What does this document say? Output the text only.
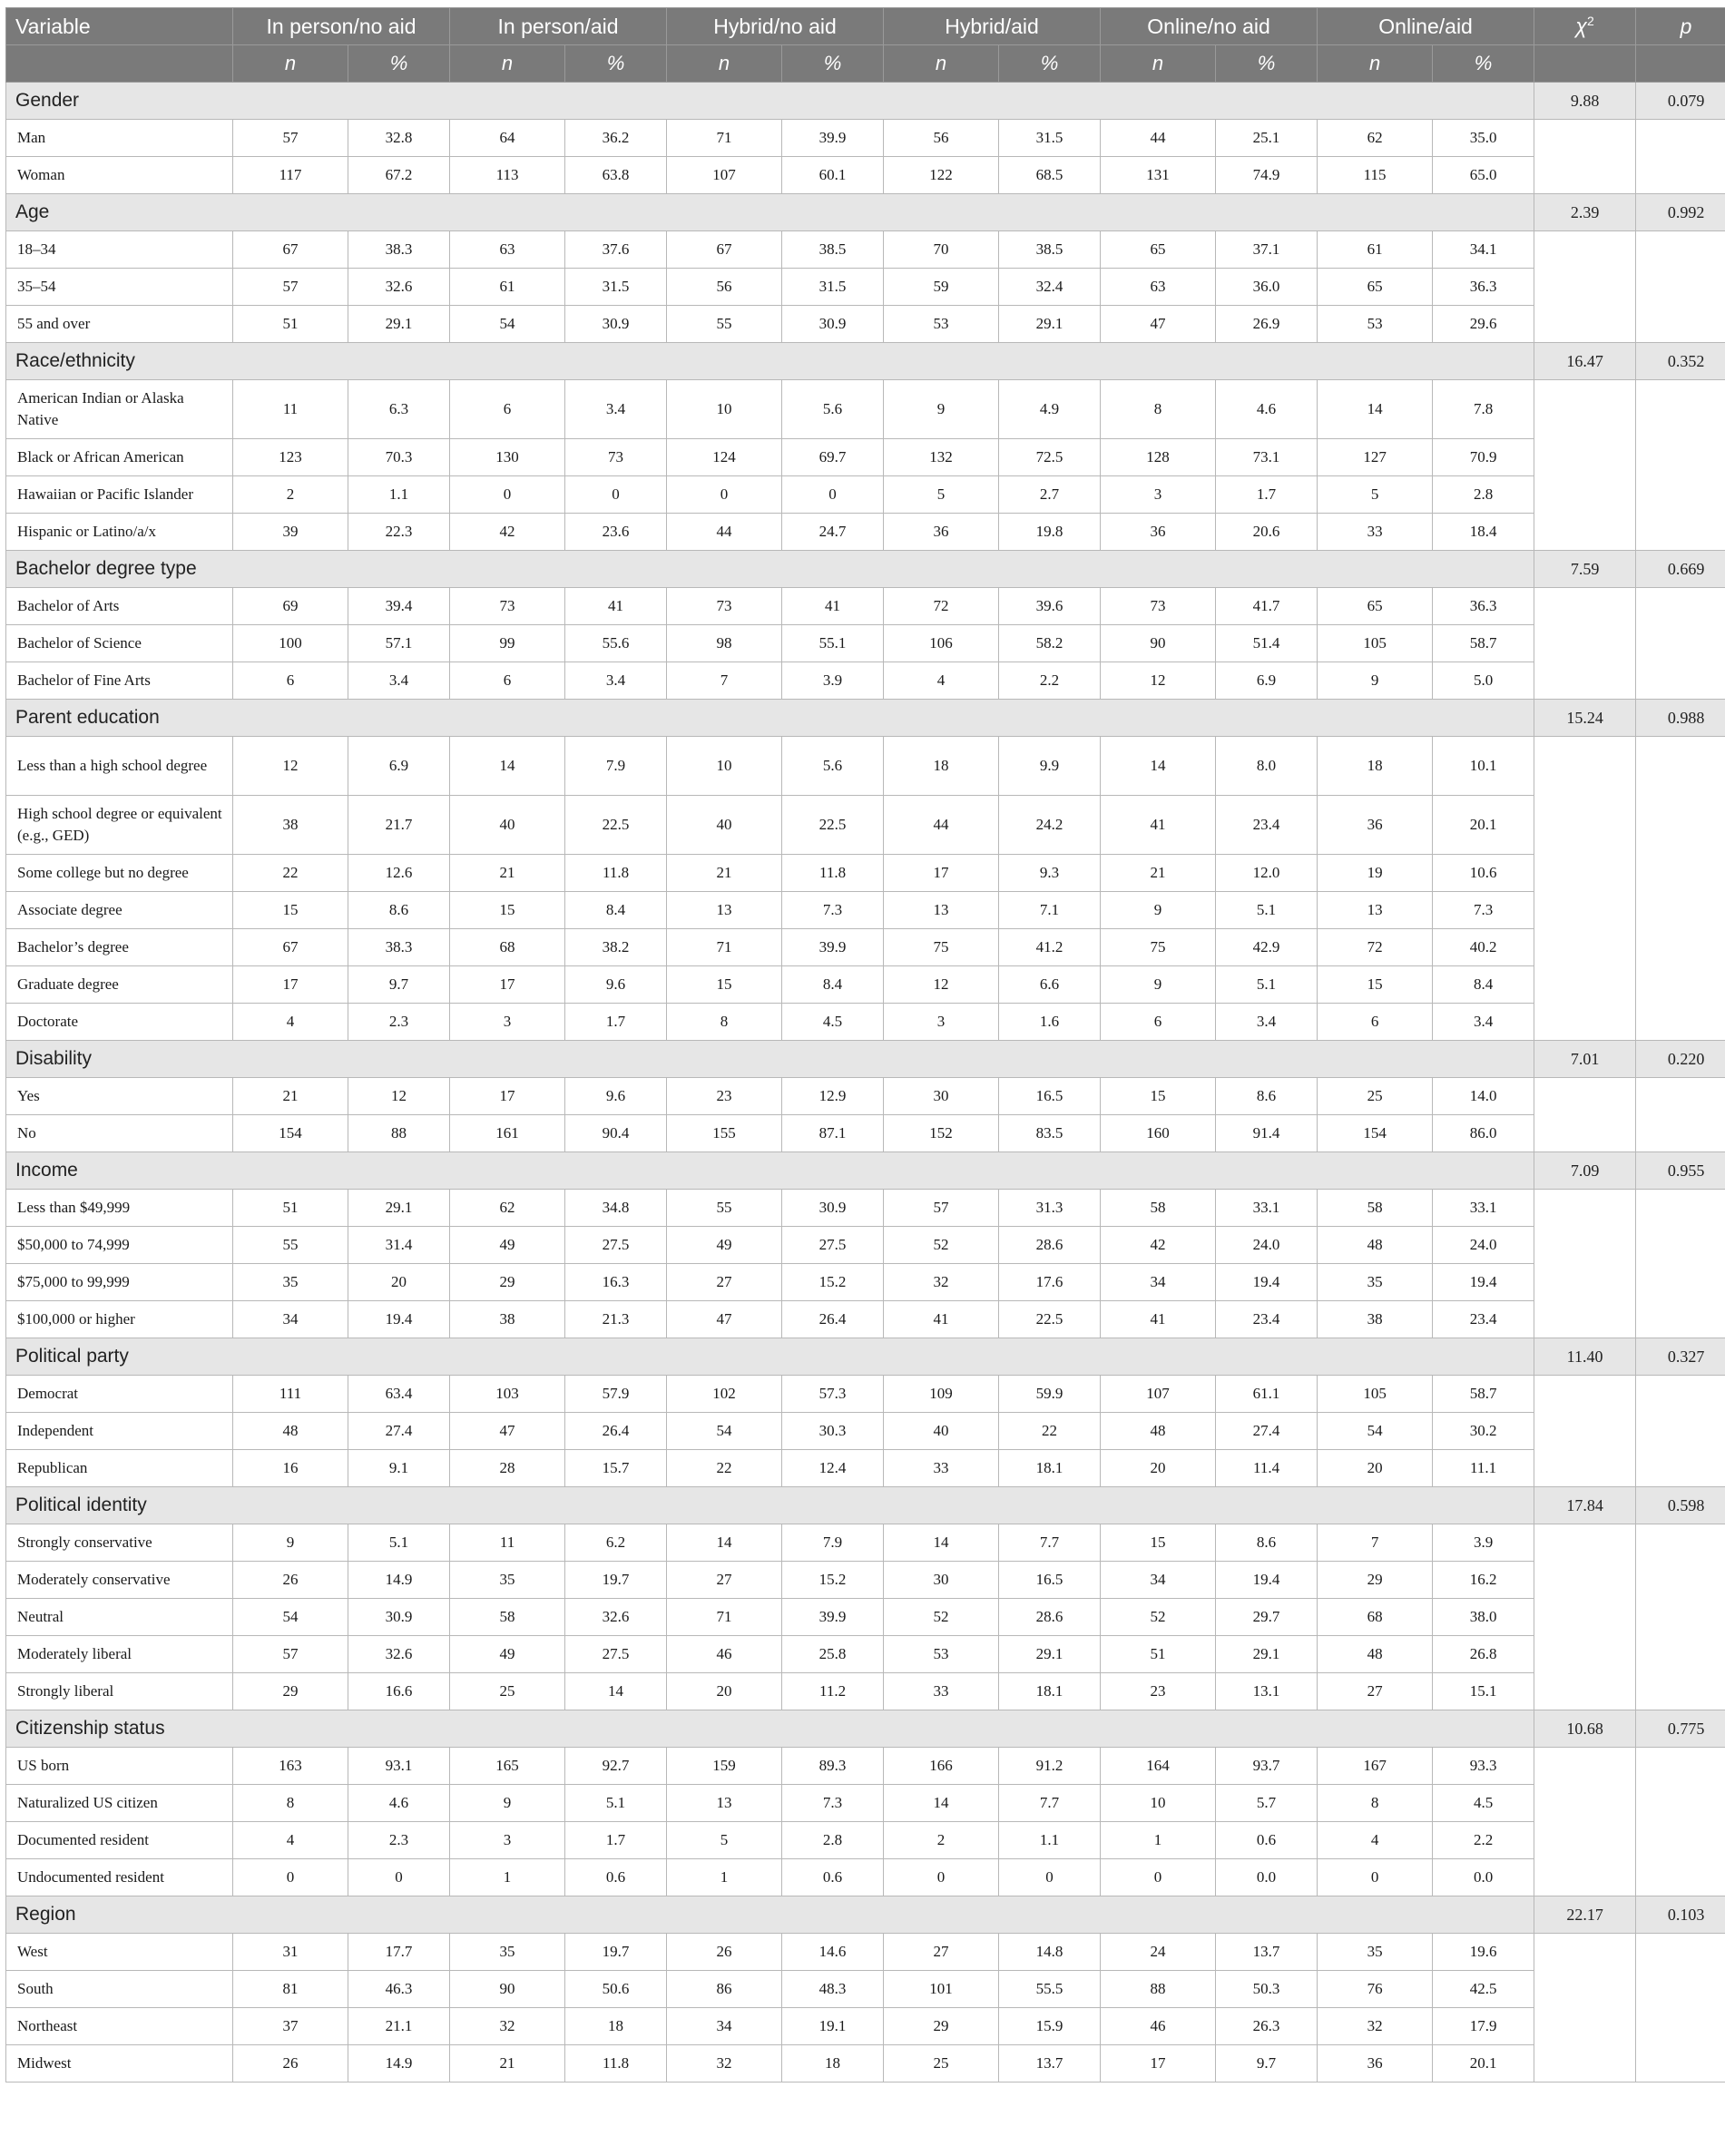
Variable	In person/no aid		In person/aid		Hybrid/no aid		Hybrid/aid		Online/no aid		Online/aid		$\chi^2$	p
	n	%	n	%	n	%	n	%	n	%	n	%		
Gender													9.88	0.079
Man	57	32.8	64	36.2	71	39.9	56	31.5	44	25.1	62	35.0		
Woman	117	67.2	113	63.8	107	60.1	122	68.5	131	74.9	115	65.0		
Age													2.39	0.992
18–34	67	38.3	63	37.6	67	38.5	70	38.5	65	37.1	61	34.1		
35–54	57	32.6	61	31.5	56	31.5	59	32.4	63	36.0	65	36.3		
55 and over	51	29.1	54	30.9	55	30.9	53	29.1	47	26.9	53	29.6		
Race/ethnicity													16.47	0.352
American Indian or Alaska Native	11	6.3	6	3.4	10	5.6	9	4.9	8	4.6	14	7.8		
Black or African American	123	70.3	130	73	124	69.7	132	72.5	128	73.1	127	70.9		
Hawaiian or Pacific Islander	2	1.1	0	0	0	0	5	2.7	3	1.7	5	2.8		
Hispanic or Latino/a/x	39	22.3	42	23.6	44	24.7	36	19.8	36	20.6	33	18.4		
Bachelor degree type													7.59	0.669
Bachelor of Arts	69	39.4	73	41	73	41	72	39.6	73	41.7	65	36.3		
Bachelor of Science	100	57.1	99	55.6	98	55.1	106	58.2	90	51.4	105	58.7		
Bachelor of Fine Arts	6	3.4	6	3.4	7	3.9	4	2.2	12	6.9	9	5.0		
Parent education													15.24	0.988
Less than a high school degree	12	6.9	14	7.9	10	5.6	18	9.9	14	8.0	18	10.1		
High school degree or equivalent (e.g., GED)	38	21.7	40	22.5	40	22.5	44	24.2	41	23.4	36	20.1		
Some college but no degree	22	12.6	21	11.8	21	11.8	17	9.3	21	12.0	19	10.6		
Associate degree	15	8.6	15	8.4	13	7.3	13	7.1	9	5.1	13	7.3		
Bachelor’s degree	67	38.3	68	38.2	71	39.9	75	41.2	75	42.9	72	40.2		
Graduate degree	17	9.7	17	9.6	15	8.4	12	6.6	9	5.1	15	8.4		
Doctorate	4	2.3	3	1.7	8	4.5	3	1.6	6	3.4	6	3.4		
Disability													7.01	0.220
Yes	21	12	17	9.6	23	12.9	30	16.5	15	8.6	25	14.0		
No	154	88	161	90.4	155	87.1	152	83.5	160	91.4	154	86.0		
Income													7.09	0.955
Less than $49,999	51	29.1	62	34.8	55	30.9	57	31.3	58	33.1	58	33.1		
$50,000 to 74,999	55	31.4	49	27.5	49	27.5	52	28.6	42	24.0	48	24.0		
$75,000 to 99,999	35	20	29	16.3	27	15.2	32	17.6	34	19.4	35	19.4		
$100,000 or higher	34	19.4	38	21.3	47	26.4	41	22.5	41	23.4	38	23.4		
Political party													11.40	0.327
Democrat	111	63.4	103	57.9	102	57.3	109	59.9	107	61.1	105	58.7		
Independent	48	27.4	47	26.4	54	30.3	40	22	48	27.4	54	30.2		
Republican	16	9.1	28	15.7	22	12.4	33	18.1	20	11.4	20	11.1		
Political identity													17.84	0.598
Strongly conservative	9	5.1	11	6.2	14	7.9	14	7.7	15	8.6	7	3.9		
Moderately conservative	26	14.9	35	19.7	27	15.2	30	16.5	34	19.4	29	16.2		
Neutral	54	30.9	58	32.6	71	39.9	52	28.6	52	29.7	68	38.0		
Moderately liberal	57	32.6	49	27.5	46	25.8	53	29.1	51	29.1	48	26.8		
Strongly liberal	29	16.6	25	14	20	11.2	33	18.1	23	13.1	27	15.1		
Citizenship status													10.68	0.775
US born	163	93.1	165	92.7	159	89.3	166	91.2	164	93.7	167	93.3		
Naturalized US citizen	8	4.6	9	5.1	13	7.3	14	7.7	10	5.7	8	4.5		
Documented resident	4	2.3	3	1.7	5	2.8	2	1.1	1	0.6	4	2.2		
Undocumented resident	0	0	1	0.6	1	0.6	0	0	0	0.0	0	0.0		
Region													22.17	0.103
West	31	17.7	35	19.7	26	14.6	27	14.8	24	13.7	35	19.6		
South	81	46.3	90	50.6	86	48.3	101	55.5	88	50.3	76	42.5		
Northeast	37	21.1	32	18	34	19.1	29	15.9	46	26.3	32	17.9		
Midwest	26	14.9	21	11.8	32	18	25	13.7	17	9.7	36	20.1		
